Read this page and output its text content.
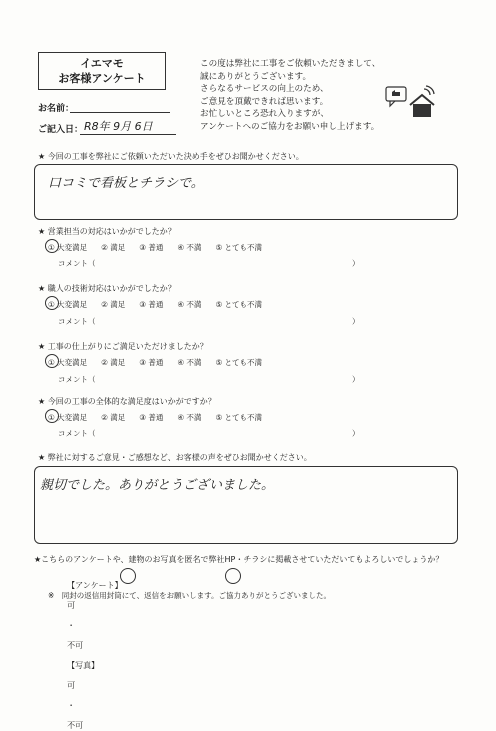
イエマモ
お客様アンケート
この度は弊社に工事をご依頼いただきまして、
誠にありがとうございます。
さらなるサービスの向上のため、
ご意見を頂戴できれば思います。
お忙しいところ恐れ入りますが、
アンケートへのご協力をお願い申し上げます。
お名前：
ご記入日： R8年 9月 6日
★ 今回の工事を弊社にご依頼いただいた決め手をぜひお聞かせください。
口コミで看板とチラシで。
★ 営業担当の対応はいかがでしたか？
① 大変満足 ② 満足 ③ 普通 ④ 不満 ⑤ とても不満
コメント（	）
★ 職人の技術対応はいかがでしたか？
① 大変満足 ② 満足 ③ 普通 ④ 不満 ⑤ とても不満
コメント（	）
★ 工事の仕上がりにご満足いただけましたか？
① 大変満足 ② 満足 ③ 普通 ④ 不満 ⑤ とても不満
コメント（	）
★ 今回の工事の全体的な満足度はいかがですか？
① 大変満足 ② 満足 ③ 普通 ④ 不満 ⑤ とても不満
コメント（	）
★ 弊社に対するご意見・ご感想など、お客様の声をぜひお聞かせください。
親切でした。ありがとうございました。
★こちらのアンケートや、建物のお写真を匿名で弊社HP・チラシに掲載させていただいてもよろしいでしょうか？

【アンケート】

可

・

不可

【写真】

可

・

不可

※　同封の返信用封筒にて、返信をお願いします。ご協力ありがとうございました。
